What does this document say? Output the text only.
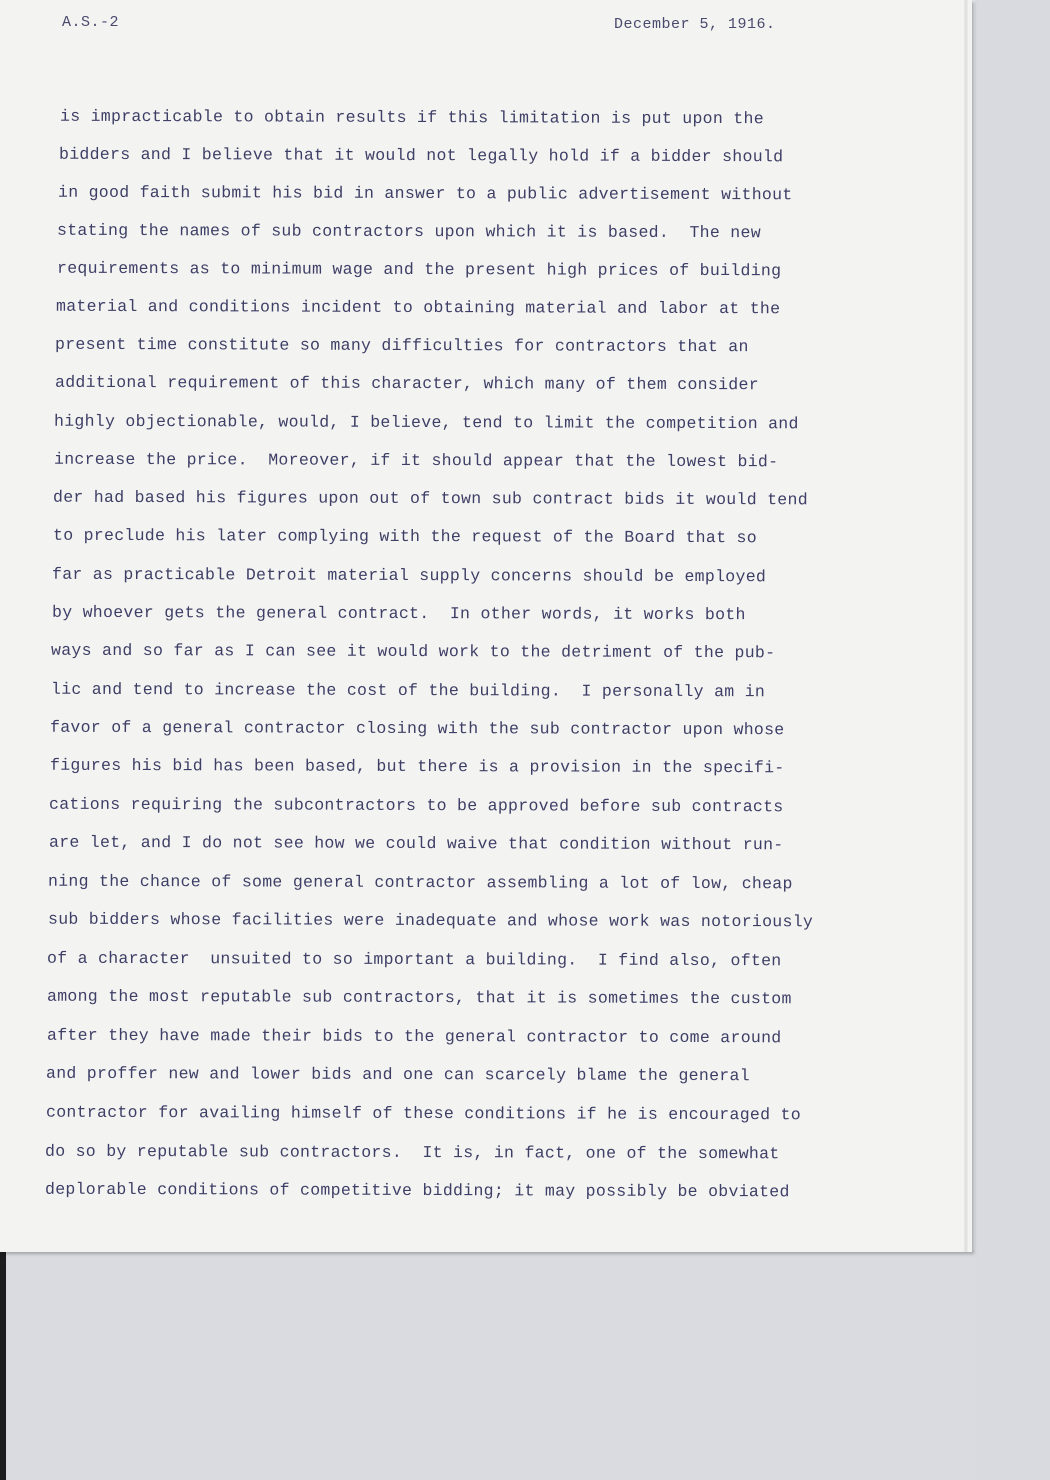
A.S.-2	December 5, 1916.
is impracticable to obtain results if this limitation is put upon the
bidders and I believe that it would not legally hold if a bidder should
in good faith submit his bid in answer to a public advertisement without
stating the names of sub contractors upon which it is based.  The new
requirements as to minimum wage and the present high prices of building
material and conditions incident to obtaining material and labor at the
present time constitute so many difficulties for contractors that an
additional requirement of this character, which many of them consider
highly objectionable, would, I believe, tend to limit the competition and
increase the price.  Moreover, if it should appear that the lowest bid-
der had based his figures upon out of town sub contract bids it would tend
to preclude his later complying with the request of the Board that so
far as practicable Detroit material supply concerns should be employed
by whoever gets the general contract.  In other words, it works both
ways and so far as I can see it would work to the detriment of the pub-
lic and tend to increase the cost of the building.  I personally am in
favor of a general contractor closing with the sub contractor upon whose
figures his bid has been based, but there is a provision in the specifi-
cations requiring the subcontractors to be approved before sub contracts
are let, and I do not see how we could waive that condition without run-
ning the chance of some general contractor assembling a lot of low, cheap
sub bidders whose facilities were inadequate and whose work was notoriously
of a character  unsuited to so important a building.  I find also, often
among the most reputable sub contractors, that it is sometimes the custom
after they have made their bids to the general contractor to come around
and proffer new and lower bids and one can scarcely blame the general
contractor for availing himself of these conditions if he is encouraged to
do so by reputable sub contractors.  It is, in fact, one of the somewhat
deplorable conditions of competitive bidding; it may possibly be obviated
